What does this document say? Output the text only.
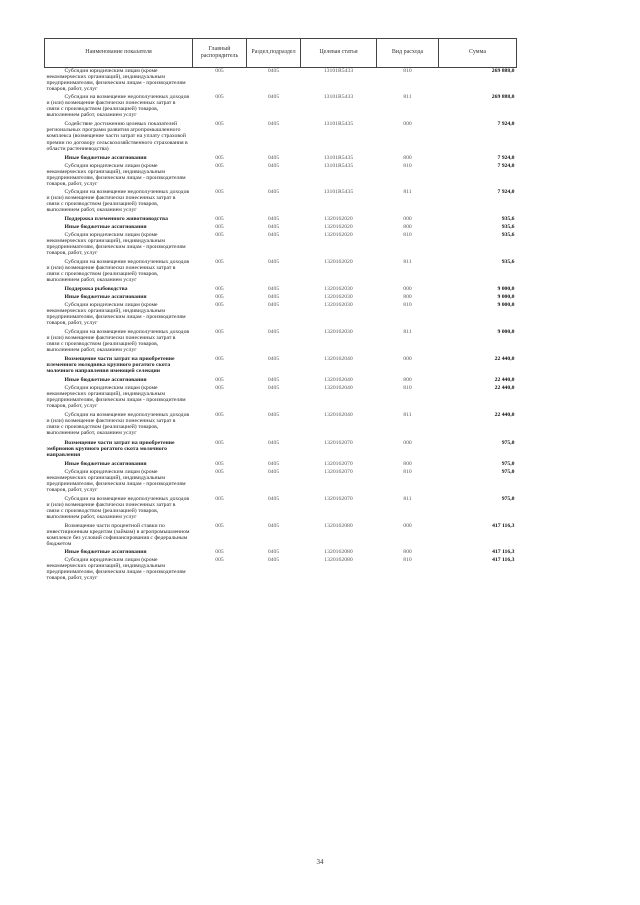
Наименование показателя	Главный распорядитель	Раздел,подраздел	Целевая статья	Вид расхода	Сумма
Субсидии юридическим лицам (кроме некоммерческих организаций), индивидуальным предпринимателям, физическим лицам - производителям товаров, работ, услуг	005	0405	13101R5433	810	269 888,0
Субсидии на возмещение недополученных доходов и (или) возмещение фактически понесенных затрат в связи с производством (реализацией) товаров, выполнением работ, оказанием услуг	005	0405	13101R5433	811	269 888,0
Содействие достижению целевых показателей региональных программ развития агропромышленного комплекса (возмещение части затрат на уплату страховой премии по договору сельскохозяйственного страхования в области растениеводства)	005	0405	13101R5435	000	7 924,0
Иные бюджетные ассигнования	005	0405	13101R5435	800	7 924,0
Субсидии юридическим лицам (кроме некоммерческих организаций), индивидуальным предпринимателям, физическим лицам - производителям товаров, работ, услуг	005	0405	13101R5435	810	7 924,0
Субсидии на возмещение недополученных доходов и (или) возмещение фактически понесенных затрат в связи с производством (реализацией) товаров, выполнением работ, оказанием услуг	005	0405	13101R5435	811	7 924,0
Поддержка племенного животноводства	005	0405	1320162020	000	935,6
Иные бюджетные ассигнования	005	0405	1320162020	800	935,6
Субсидии юридическим лицам (кроме некоммерческих организаций), индивидуальным предпринимателям, физическим лицам - производителям товаров, работ, услуг	005	0405	1320162020	810	935,6
Субсидии на возмещение недополученных доходов и (или) возмещение фактически понесенных затрат в связи с производством (реализацией) товаров, выполнением работ, оказанием услуг	005	0405	1320162020	811	935,6
Поддержка рыбоводства	005	0405	1320162030	000	9 000,0
Иные бюджетные ассигнования	005	0405	1320162030	800	9 000,0
Субсидии юридическим лицам (кроме некоммерческих организаций), индивидуальным предпринимателям, физическим лицам - производителям товаров, работ, услуг	005	0405	1320162030	810	9 000,0
Субсидии на возмещение недополученных доходов и (или) возмещение фактически понесенных затрат в связи с производством (реализацией) товаров, выполнением работ, оказанием услуг	005	0405	1320162030	811	9 000,0
Возмещение части затрат на приобретение племенного молодняка крупного рогатого скота молочного направления имеющей селекции	005	0405	1320162040	000	22 440,0
Иные бюджетные ассигнования	005	0405	1320162040	800	22 440,0
Субсидии юридическим лицам (кроме некоммерческих организаций), индивидуальным предпринимателям, физическим лицам - производителям товаров, работ, услуг	005	0405	1320162040	810	22 440,0
Субсидии на возмещение недополученных доходов и (или) возмещение фактически понесенных затрат в связи с производством (реализацией) товаров, выполнением работ, оказанием услуг	005	0405	1320162040	811	22 440,0
Возмещение части затрат на приобретение эмбрионов крупного рогатого скота молочного направления	005	0405	1320162070	000	975,0
Иные бюджетные ассигнования	005	0405	1320162070	800	975,0
Субсидии юридическим лицам (кроме некоммерческих организаций), индивидуальным предпринимателям, физическим лицам - производителям товаров, работ, услуг	005	0405	1320162070	810	975,0
Субсидии на возмещение недополученных доходов и (или) возмещение фактически понесенных затрат в связи с производством (реализацией) товаров, выполнением работ, оказанием услуг	005	0405	1320162070	811	975,0
Возмещение части процентной ставки по инвестиционным кредитам (займам) в агропромышленном комплексе без условий софинансирования с федеральным бюджетом	005	0405	1320162080	000	417 116,3
Иные бюджетные ассигнования	005	0405	1320162080	800	417 116,3
Субсидии юридическим лицам (кроме некоммерческих организаций), индивидуальным предпринимателям, физическим лицам - производителям товаров, работ, услуг	005	0405	1320162080	810	417 116,3
34
